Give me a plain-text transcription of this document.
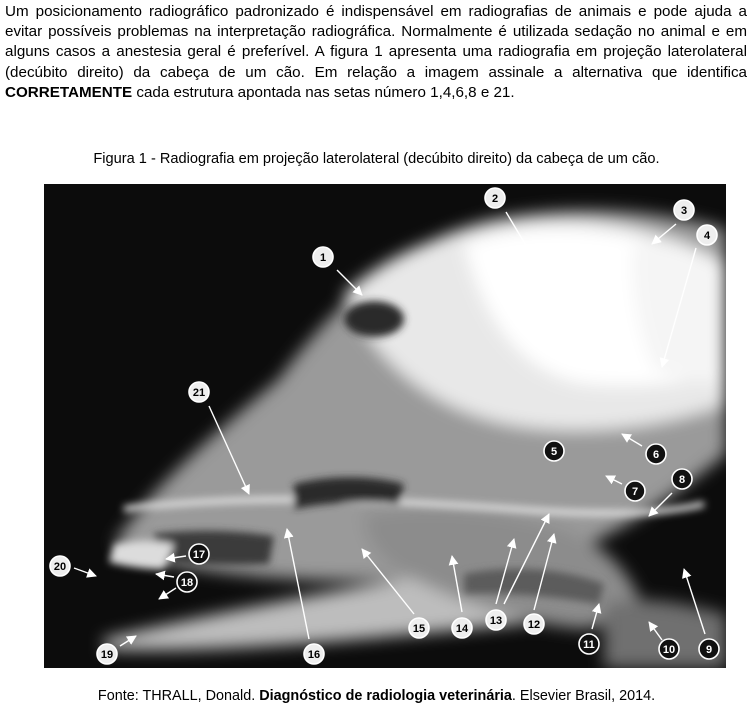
Um posicionamento radiográfico padronizado é indispensável em radiografias de animais e pode ajuda a evitar possíveis problemas na interpretação radiográfica. Normalmente é utilizada sedação no animal e em alguns casos a anestesia geral é preferível. A figura 1 apresenta uma radiografia em projeção laterolateral (decúbito direito) da cabeça de um cão. Em relação a imagem assinale a alternativa que identifica CORRETAMENTE cada estrutura apontada nas setas número 1,4,6,8 e 21.

Figura 1 - Radiografia em projeção laterolateral (decúbito direito) da cabeça de um cão.

1
2
3
4
5	6
7
8
9
10
11
12
13
14
15
16
17
18
19
20
21

Fonte: THRALL, Donald. Diagnóstico de radiologia veterinária. Elsevier Brasil, 2014.
